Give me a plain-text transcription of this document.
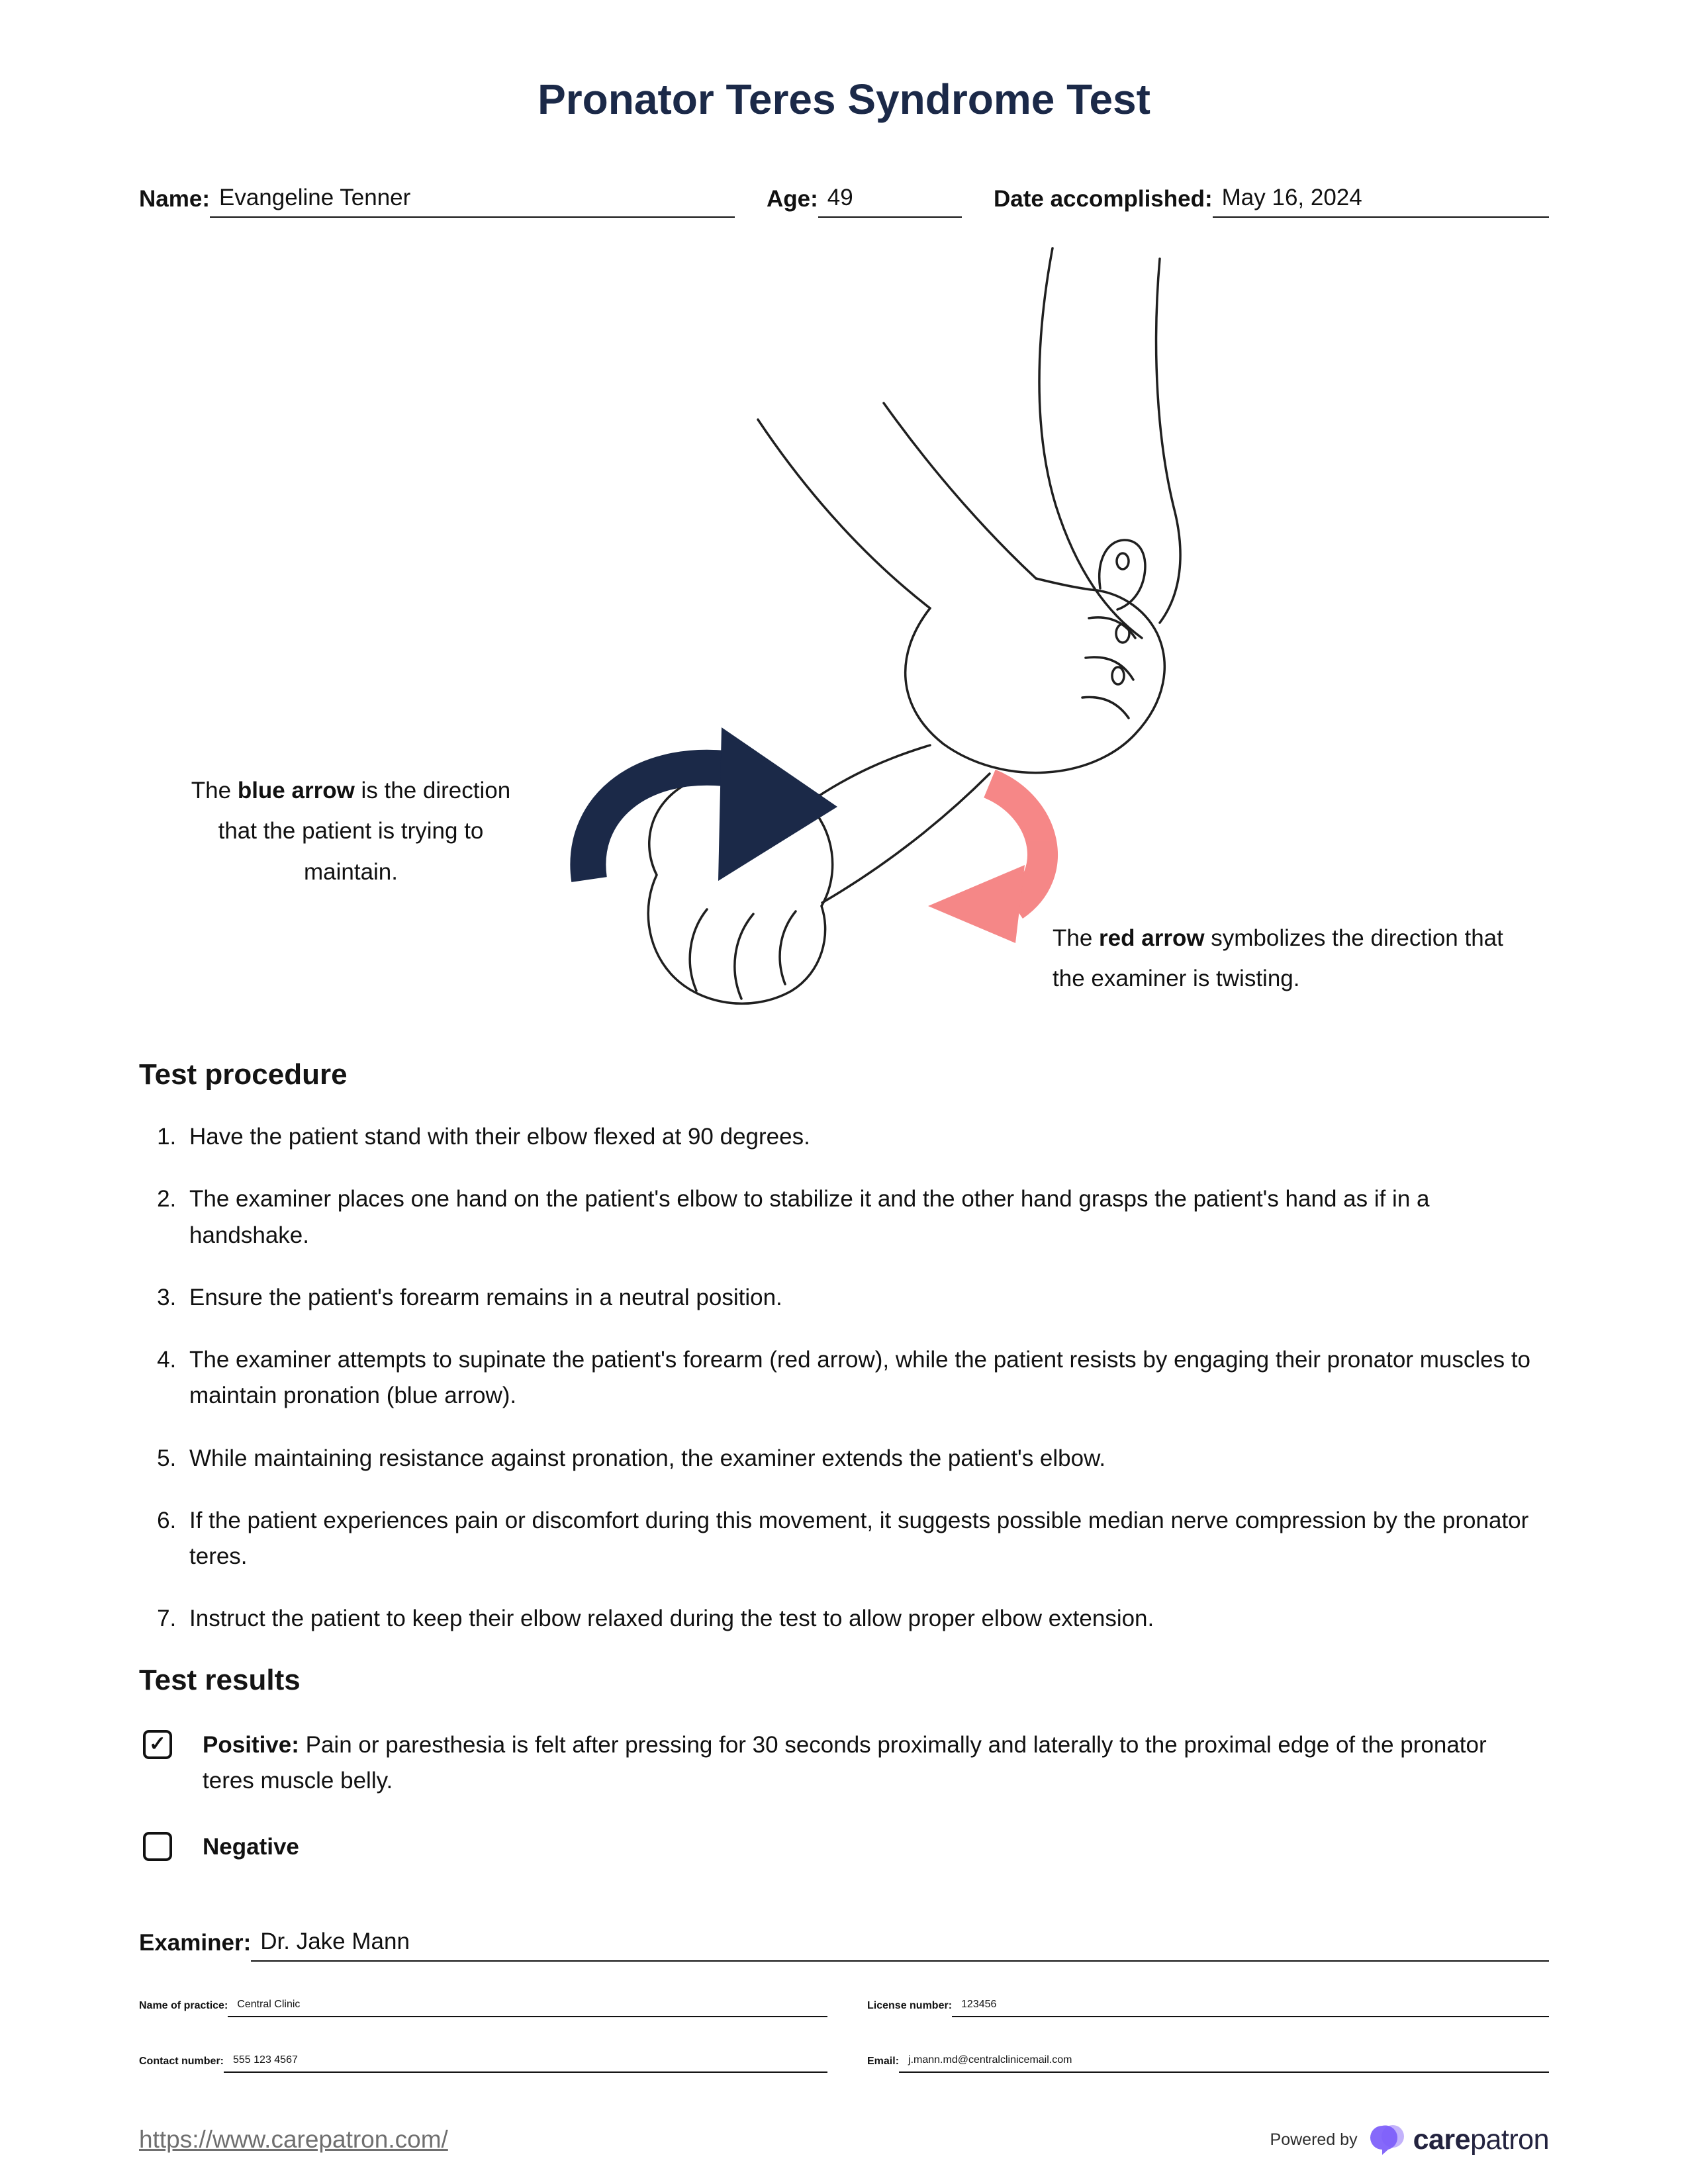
Pronator Teres Syndrome Test
Name: Evangeline Tenner	Age: 49	Date accomplished: May 16, 2024
The blue arrow is the direction that the patient is trying to maintain.
The red arrow symbolizes the direction that the examiner is twisting.
Test procedure
1. Have the patient stand with their elbow flexed at 90 degrees.
2. The examiner places one hand on the patient's elbow to stabilize it and the other hand grasps the patient's hand as if in a handshake.
3. Ensure the patient's forearm remains in a neutral position.
4. The examiner attempts to supinate the patient's forearm (red arrow), while the patient resists by engaging their pronator muscles to maintain pronation (blue arrow).
5. While maintaining resistance against pronation, the examiner extends the patient's elbow.
6. If the patient experiences pain or discomfort during this movement, it suggests possible median nerve compression by the pronator teres.
7. Instruct the patient to keep their elbow relaxed during the test to allow proper elbow extension.
Test results
✓ Positive: Pain or paresthesia is felt after pressing for 30 seconds proximally and laterally to the proximal edge of the pronator teres muscle belly.
Negative
Examiner: Dr. Jake Mann
Name of practice: Central Clinic	License number: 123456
Contact number: 555 123 4567	Email: j.mann.md@centralclinicemail.com
https://www.carepatron.com/	Powered by carepatron
